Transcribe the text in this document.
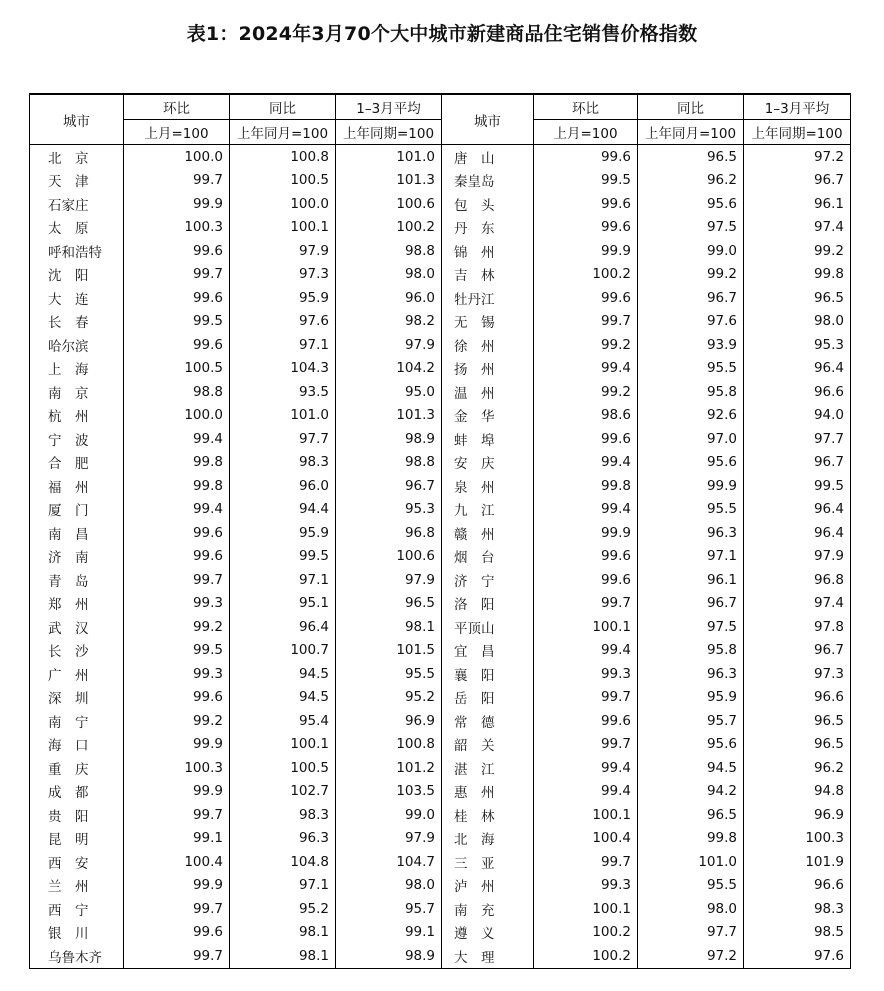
表1：2024年3月70个大中城市新建商品住宅销售价格指数
城市	环比	同比	1–3月平均	城市	环比	同比	1–3月平均
	上月=100	上年同月=100	上年同期=100		上月=100	上年同月=100	上年同期=100
北　京	100.0	100.8	101.0	唐　山	99.6	96.5	97.2
天　津	99.7	100.5	101.3	秦皇岛	99.5	96.2	96.7
石家庄	99.9	100.0	100.6	包　头	99.6	95.6	96.1
太　原	100.3	100.1	100.2	丹　东	99.6	97.5	97.4
呼和浩特	99.6	97.9	98.8	锦　州	99.9	99.0	99.2
沈　阳	99.7	97.3	98.0	吉　林	100.2	99.2	99.8
大　连	99.6	95.9	96.0	牡丹江	99.6	96.7	96.5
长　春	99.5	97.6	98.2	无　锡	99.7	97.6	98.0
哈尔滨	99.6	97.1	97.9	徐　州	99.2	93.9	95.3
上　海	100.5	104.3	104.2	扬　州	99.4	95.5	96.4
南　京	98.8	93.5	95.0	温　州	99.2	95.8	96.6
杭　州	100.0	101.0	101.3	金　华	98.6	92.6	94.0
宁　波	99.4	97.7	98.9	蚌　埠	99.6	97.0	97.7
合　肥	99.8	98.3	98.8	安　庆	99.4	95.6	96.7
福　州	99.8	96.0	96.7	泉　州	99.8	99.9	99.5
厦　门	99.4	94.4	95.3	九　江	99.4	95.5	96.4
南　昌	99.6	95.9	96.8	赣　州	99.9	96.3	96.4
济　南	99.6	99.5	100.6	烟　台	99.6	97.1	97.9
青　岛	99.7	97.1	97.9	济　宁	99.6	96.1	96.8
郑　州	99.3	95.1	96.5	洛　阳	99.7	96.7	97.4
武　汉	99.2	96.4	98.1	平顶山	100.1	97.5	97.8
长　沙	99.5	100.7	101.5	宜　昌	99.4	95.8	96.7
广　州	99.3	94.5	95.5	襄　阳	99.3	96.3	97.3
深　圳	99.6	94.5	95.2	岳　阳	99.7	95.9	96.6
南　宁	99.2	95.4	96.9	常　德	99.6	95.7	96.5
海　口	99.9	100.1	100.8	韶　关	99.7	95.6	96.5
重　庆	100.3	100.5	101.2	湛　江	99.4	94.5	96.2
成　都	99.9	102.7	103.5	惠　州	99.4	94.2	94.8
贵　阳	99.7	98.3	99.0	桂　林	100.1	96.5	96.9
昆　明	99.1	96.3	97.9	北　海	100.4	99.8	100.3
西　安	100.4	104.8	104.7	三　亚	99.7	101.0	101.9
兰　州	99.9	97.1	98.0	泸　州	99.3	95.5	96.6
西　宁	99.7	95.2	95.7	南　充	100.1	98.0	98.3
银　川	99.6	98.1	99.1	遵　义	100.2	97.7	98.5
乌鲁木齐	99.7	98.1	98.9	大　理	100.2	97.2	97.6
